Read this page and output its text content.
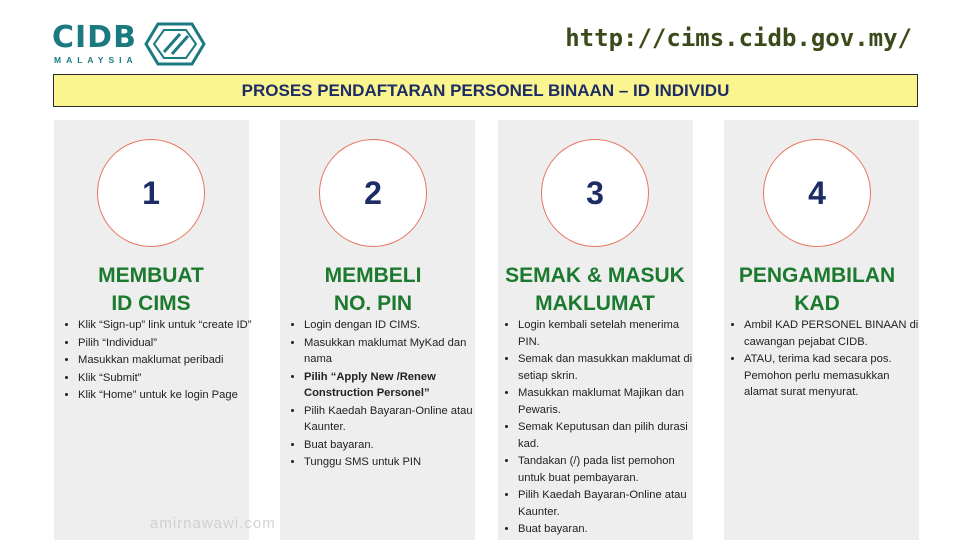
CIDB
MALAYSIA
http://cims.cidb.gov.my/
PROSES PENDAFTARAN PERSONEL BINAAN – ID INDIVIDU
1
MEMBUAT
ID CIMS
• Klik “Sign-up” link untuk “create ID”
• Pilih “Individual”
• Masukkan maklumat peribadi
• Klik “Submit”
• Klik “Home” untuk ke login Page
2
MEMBELI
NO. PIN
• Login dengan ID CIMS.
• Masukkan maklumat MyKad dan nama
• Pilih “Apply New /Renew Construction Personel”
• Pilih Kaedah Bayaran-Online atau Kaunter.
• Buat bayaran.
• Tunggu SMS untuk PIN
3
SEMAK & MASUK
MAKLUMAT
• Login kembali setelah menerima PIN.
• Semak dan masukkan maklumat di setiap skrin.
• Masukkan maklumat Majikan dan Pewaris.
• Semak Keputusan dan pilih durasi kad.
• Tandakan (/) pada list pemohon untuk buat pembayaran.
• Pilih Kaedah Bayaran-Online atau Kaunter.
• Buat bayaran.
4
PENGAMBILAN
KAD
• Ambil KAD PERSONEL BINAAN di cawangan pejabat CIDB.
• ATAU, terima kad secara pos. Pemohon perlu memasukkan alamat surat menyurat.
amirnawawi.com
